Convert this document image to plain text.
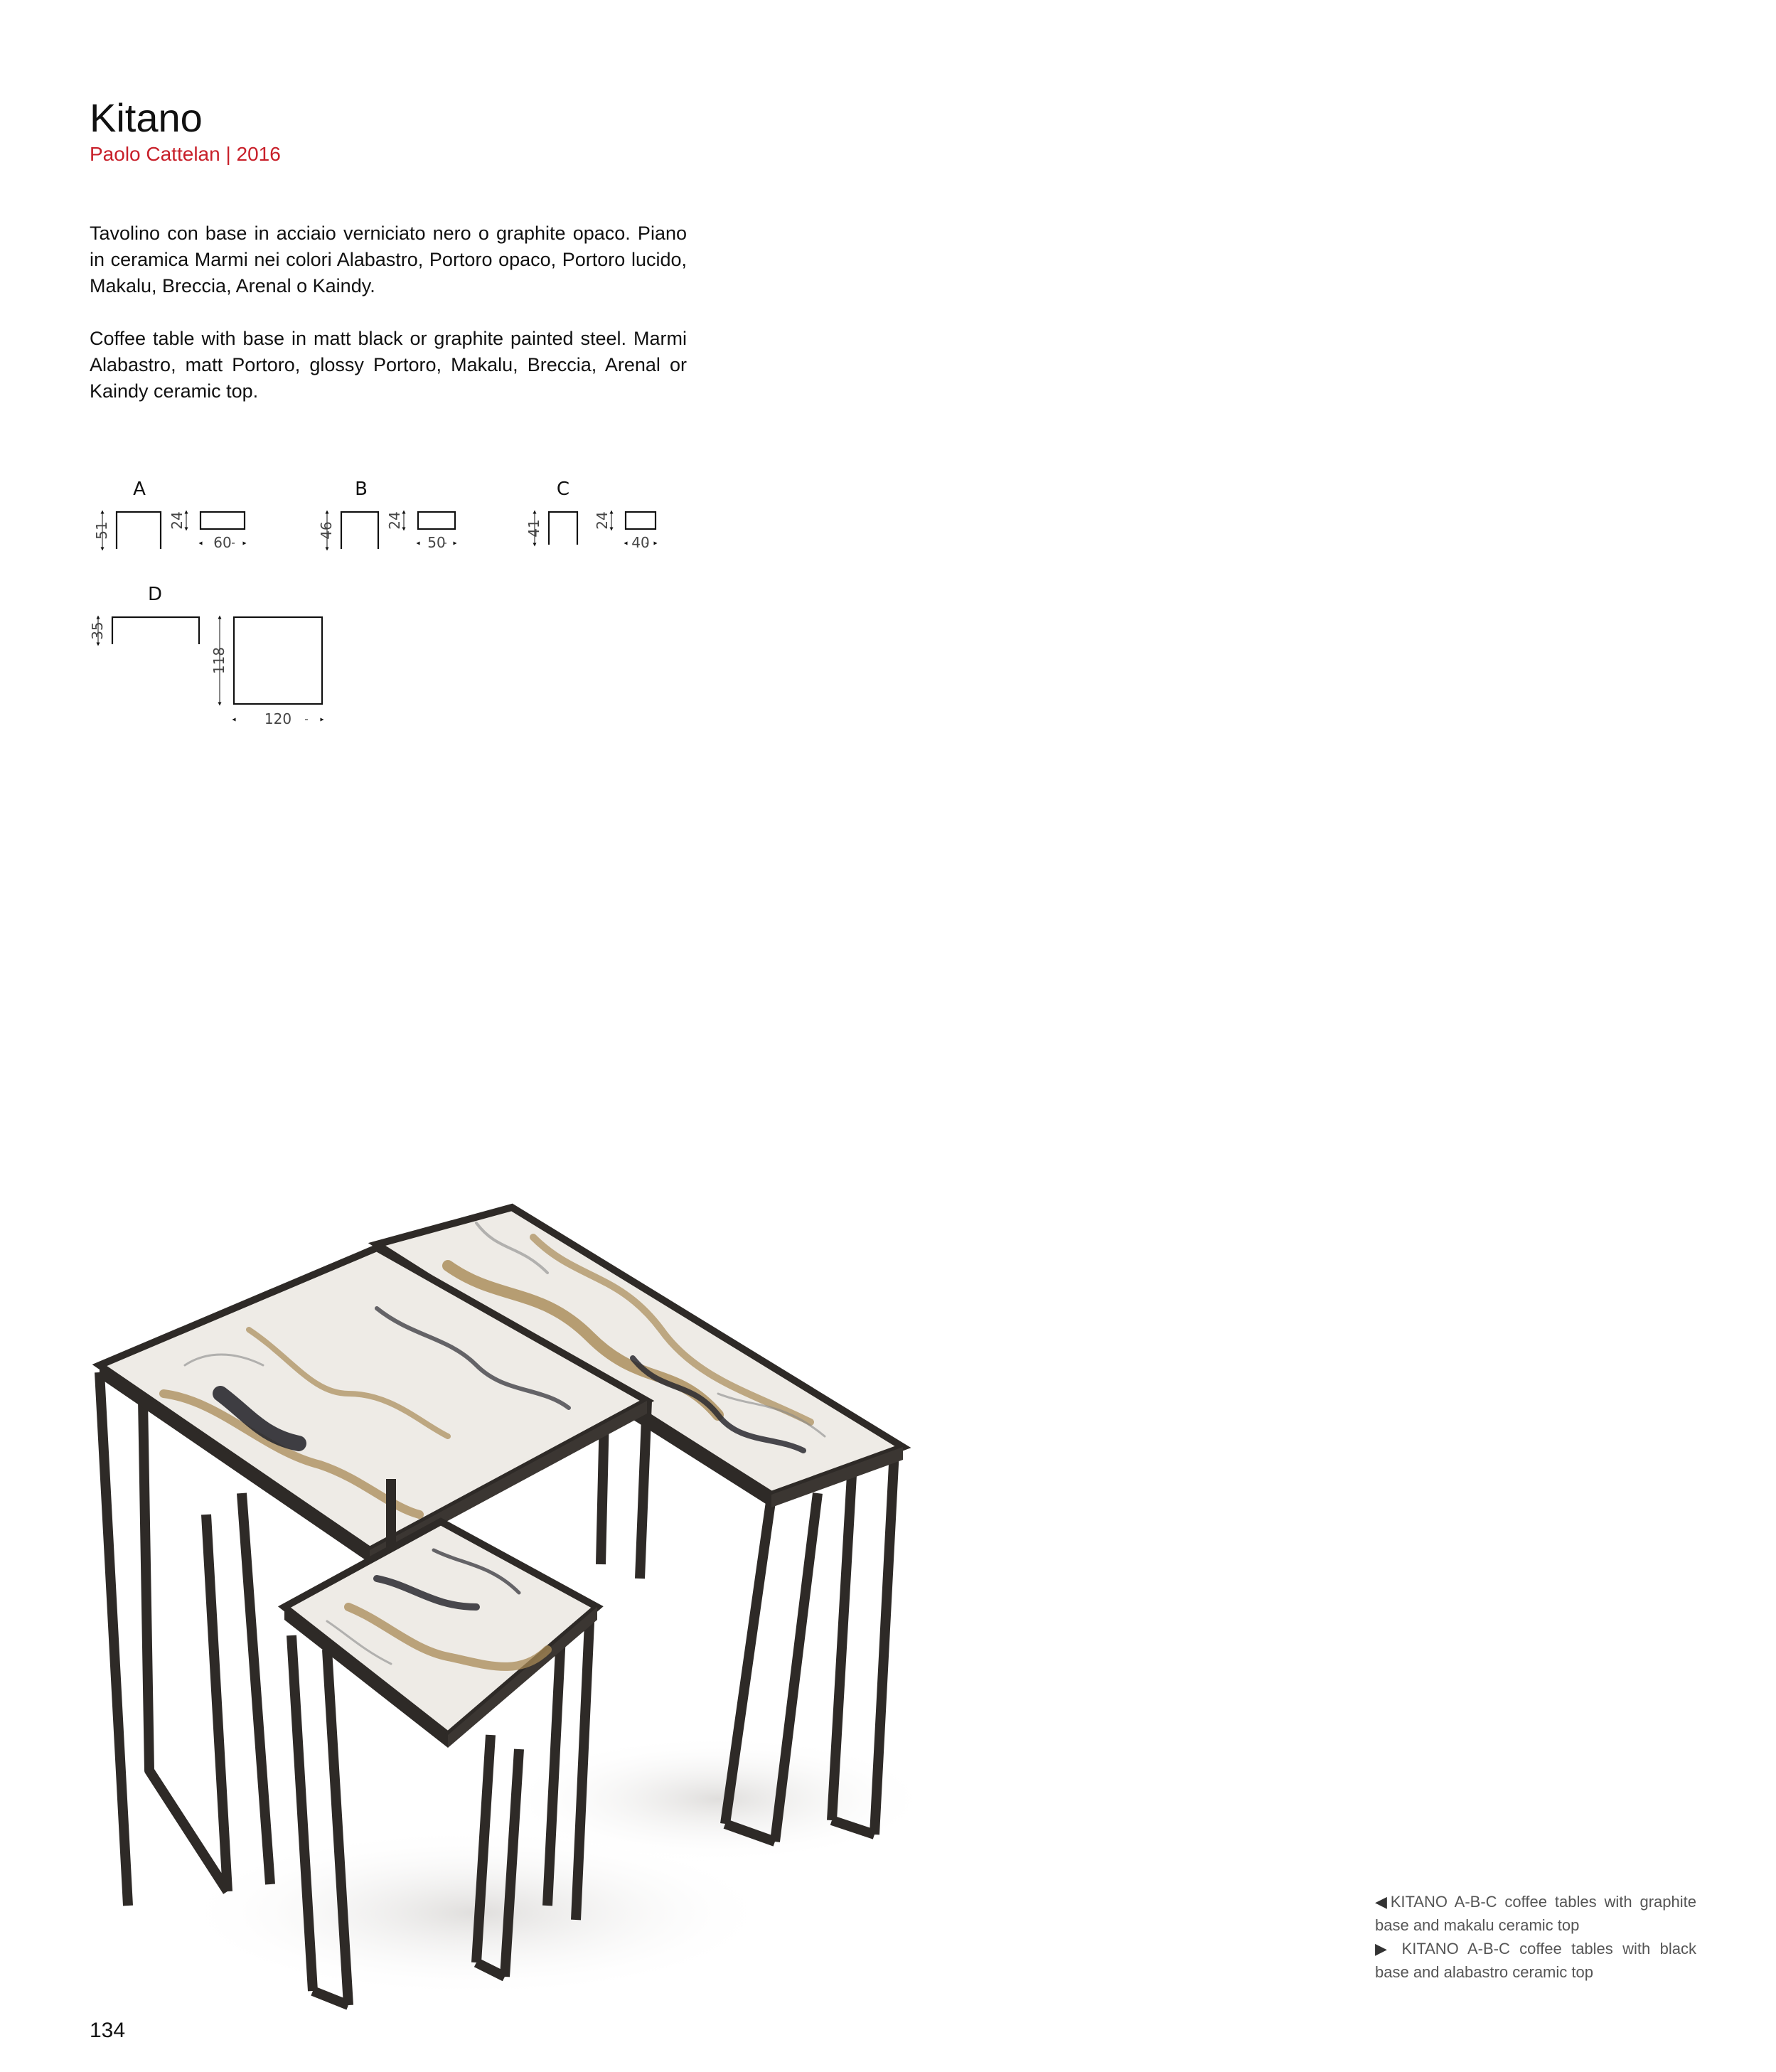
Kitano
Paolo Cattelan | 2016
Tavolino con base in acciaio verniciato nero o graphite opaco. Piano in ceramica Marmi nei colori Alabastro, Portoro opaco, Portoro lucido, Makalu, Breccia, Arenal o Kaindy.
Coffee table with base in matt black or graphite painted steel. Marmi Alabastro, matt Portoro, glossy Portoro, Makalu, Breccia, Arenal or Kaindy ceramic top.
A	B	C
D
51
24
60
46
24
50
41	24
40
35
118
120
◀KITANO A-B-C coffee tables with graphite base and makalu ceramic top
▶ KITANO A-B-C coffee tables with black base and alabastro ceramic top
134
